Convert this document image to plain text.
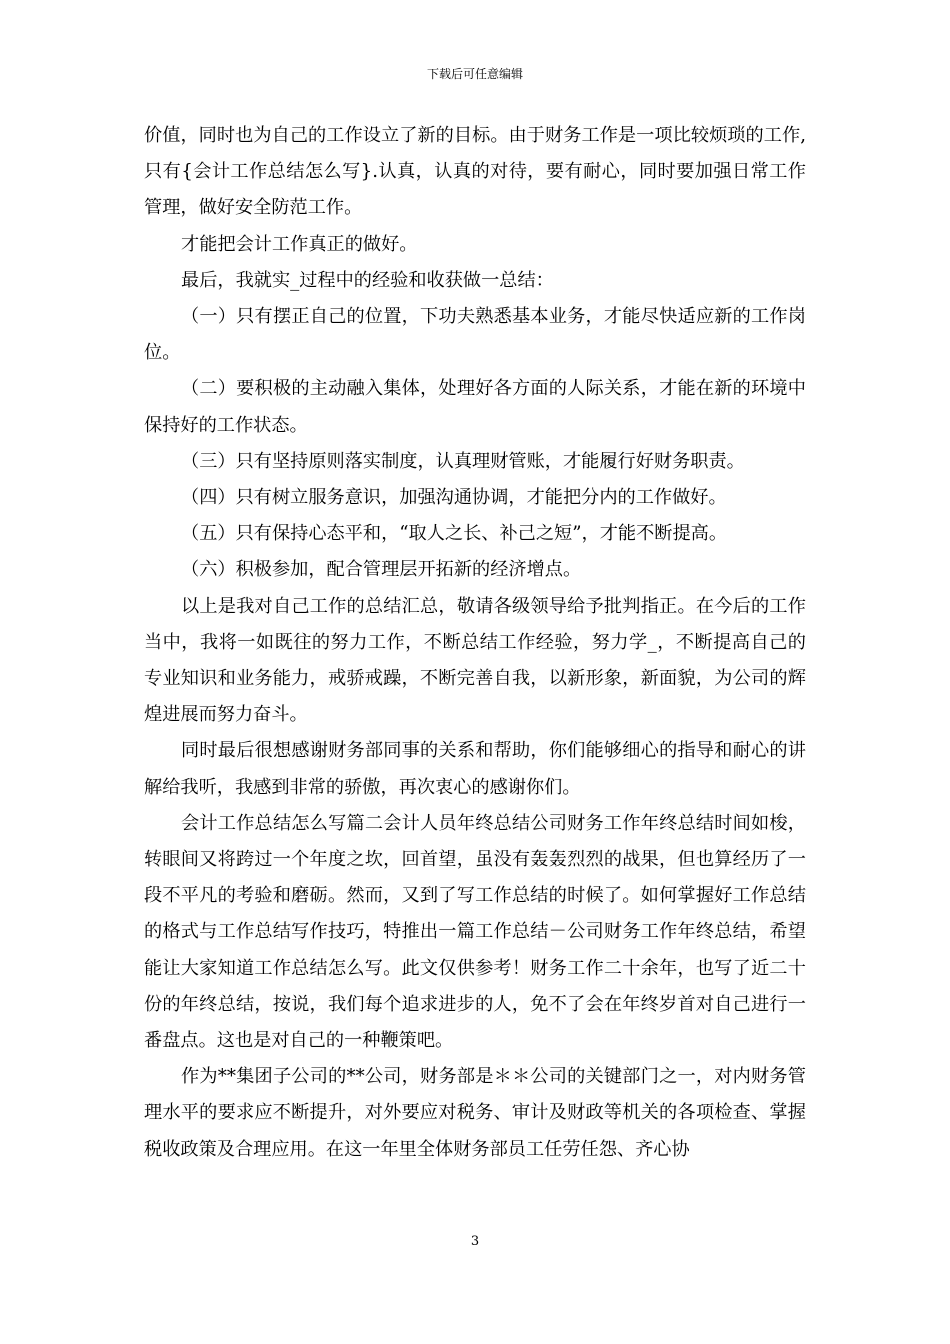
下载后可任意编辑

价值，同时也为自己的工作设立了新的目标。由于财务工作是一项比较烦琐的工作,只有{会计工作总结怎么写}.认真，认真的对待，要有耐心，同时要加强日常工作管理，做好安全防范工作。

才能把会计工作真正的做好。

最后，我就实_过程中的经验和收获做一总结：

（一）只有摆正自己的位置，下功夫熟悉基本业务，才能尽快适应新的工作岗位。

（二）要积极的主动融入集体，处理好各方面的人际关系，才能在新的环境中保持好的工作状态。

（三）只有坚持原则落实制度，认真理财管账，才能履行好财务职责。

（四）只有树立服务意识，加强沟通协调，才能把分内的工作做好。

（五）只有保持心态平和，“取人之长、补己之短”，才能不断提高。

（六）积极参加，配合管理层开拓新的经济增点。

以上是我对自己工作的总结汇总，敬请各级领导给予批判指正。在今后的工作当中，我将一如既往的努力工作，不断总结工作经验，努力学_，不断提高自己的专业知识和业务能力，戒骄戒躁，不断完善自我，以新形象，新面貌，为公司的辉煌进展而努力奋斗。

同时最后很想感谢财务部同事的关系和帮助，你们能够细心的指导和耐心的讲解给我听，我感到非常的骄傲，再次衷心的感谢你们。

会计工作总结怎么写篇二会计人员年终总结公司财务工作年终总结时间如梭，转眼间又将跨过一个年度之坎，回首望，虽没有轰轰烈烈的战果，但也算经历了一段不平凡的考验和磨砺。然而，又到了写工作总结的时候了。如何掌握好工作总结的格式与工作总结写作技巧，特推出一篇工作总结－公司财务工作年终总结，希望能让大家知道工作总结怎么写。此文仅供参考！财务工作二十余年，也写了近二十份的年终总结，按说，我们每个追求进步的人，免不了会在年终岁首对自己进行一番盘点。这也是对自己的一种鞭策吧。

作为**集团子公司的**公司，财务部是＊＊公司的关键部门之一，对内财务管理水平的要求应不断提升，对外要应对税务、审计及财政等机关的各项检查、掌握税收政策及合理应用。在这一年里全体财务部员工任劳任怨、齐心协

3
